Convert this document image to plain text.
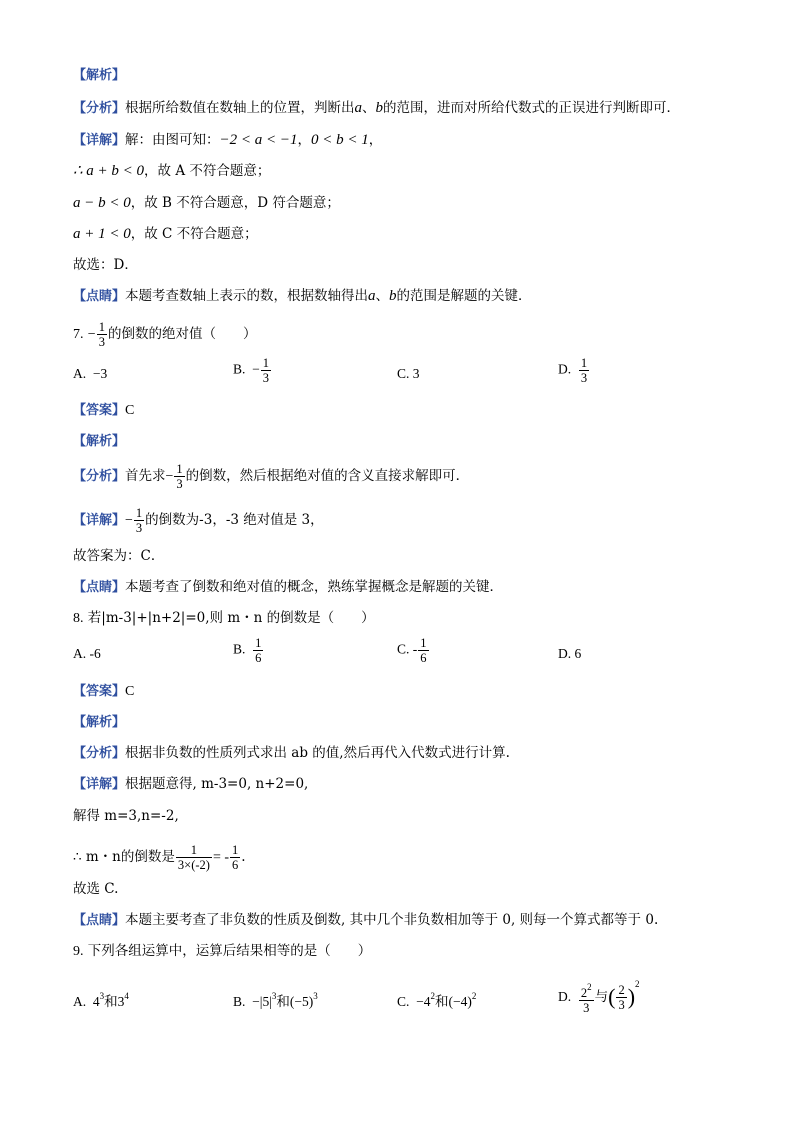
【解析】
【分析】根据所给数值在数轴上的位置，判断出a、b的范围，进而对所给代数式的正误进行判断即可．
【详解】解：由图可知：−2 < a < −1，0 < b < 1，
∴ a + b < 0，故 A 不符合题意；
a − b < 0，故 B 不符合题意，D 符合题意；
a + 1 < 0，故 C 不符合题意；
故选：D．
【点睛】本题考查数轴上表示的数，根据数轴得出a、b的范围是解题的关键．
7. − $\frac{1}{3}$ 的倒数的绝对值（　　）
A. −3	B. − $\frac{1}{3}$	C. 3	D. $\frac{1}{3}$
【答案】C
【解析】
【分析】首先求− $\frac{1}{3}$ 的倒数，然后根据绝对值的含义直接求解即可．
【详解】− $\frac{1}{3}$ 的倒数为-3，-3 绝对值是 3，
故答案为：C．
【点睛】本题考查了倒数和绝对值的概念，熟练掌握概念是解题的关键．
8. 若|m-3|+|n+2|=0,则 m・n 的倒数是（　　）
A. -6	B. $\frac{1}{6}$	C. - $\frac{1}{6}$	D. 6
【答案】C
【解析】
【分析】根据非负数的性质列式求出 ab 的值,然后再代入代数式进行计算.
【详解】根据题意得, m-3=0, n+2=0,
解得 m=3,n=-2,
∴ m・n的倒数是 $\frac{1}{3\times(-2)}$ = - $\frac{1}{6}$ .
故选 C.
【点睛】本题主要考查了非负数的性质及倒数, 其中几个非负数相加等于 0, 则每一个算式都等于 0.
9. 下列各组运算中，运算后结果相等的是（　　）
A. $4^3$和$3^4$	B. $-|5|^3$和$(-5)^3$	C. $-4^2$和$(-4)^2$	D. $\frac{2^2}{3}$ 与( $\frac{2}{3} )^2$
